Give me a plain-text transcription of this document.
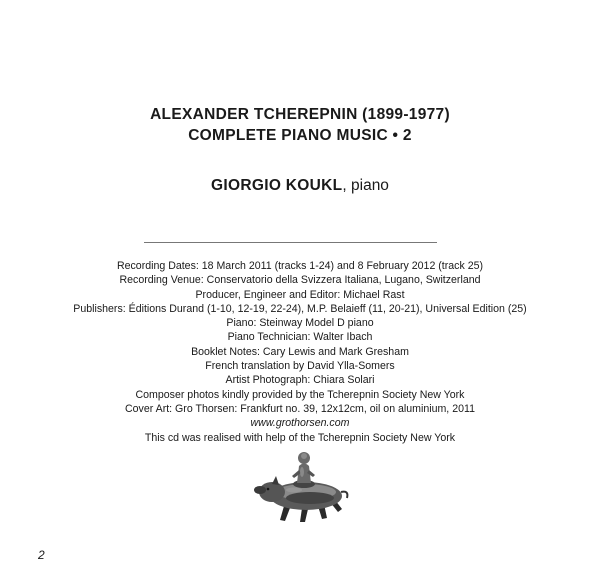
ALEXANDER TCHEREPNIN (1899-1977)
COMPLETE PIANO MUSIC • 2
GIORGIO KOUKL, piano
Recording Dates: 18 March 2011 (tracks 1-24) and 8 February 2012 (track 25)
Recording Venue: Conservatorio della Svizzera Italiana, Lugano, Switzerland
Producer, Engineer and Editor: Michael Rast
Publishers: Éditions Durand (1-10, 12-19, 22-24), M.P. Belaieff (11, 20-21), Universal Edition (25)
Piano: Steinway Model D piano
Piano Technician: Walter Ibach
Booklet Notes: Cary Lewis and Mark Gresham
French translation by David Ylla-Somers
Artist Photograph: Chiara Solari
Composer photos kindly provided by the Tcherepnin Society New York
Cover Art: Gro Thorsen: Frankfurt no. 39, 12x12cm, oil on aluminium, 2011
www.grothorsen.com
This cd was realised with help of the Tcherepnin Society New York
2
